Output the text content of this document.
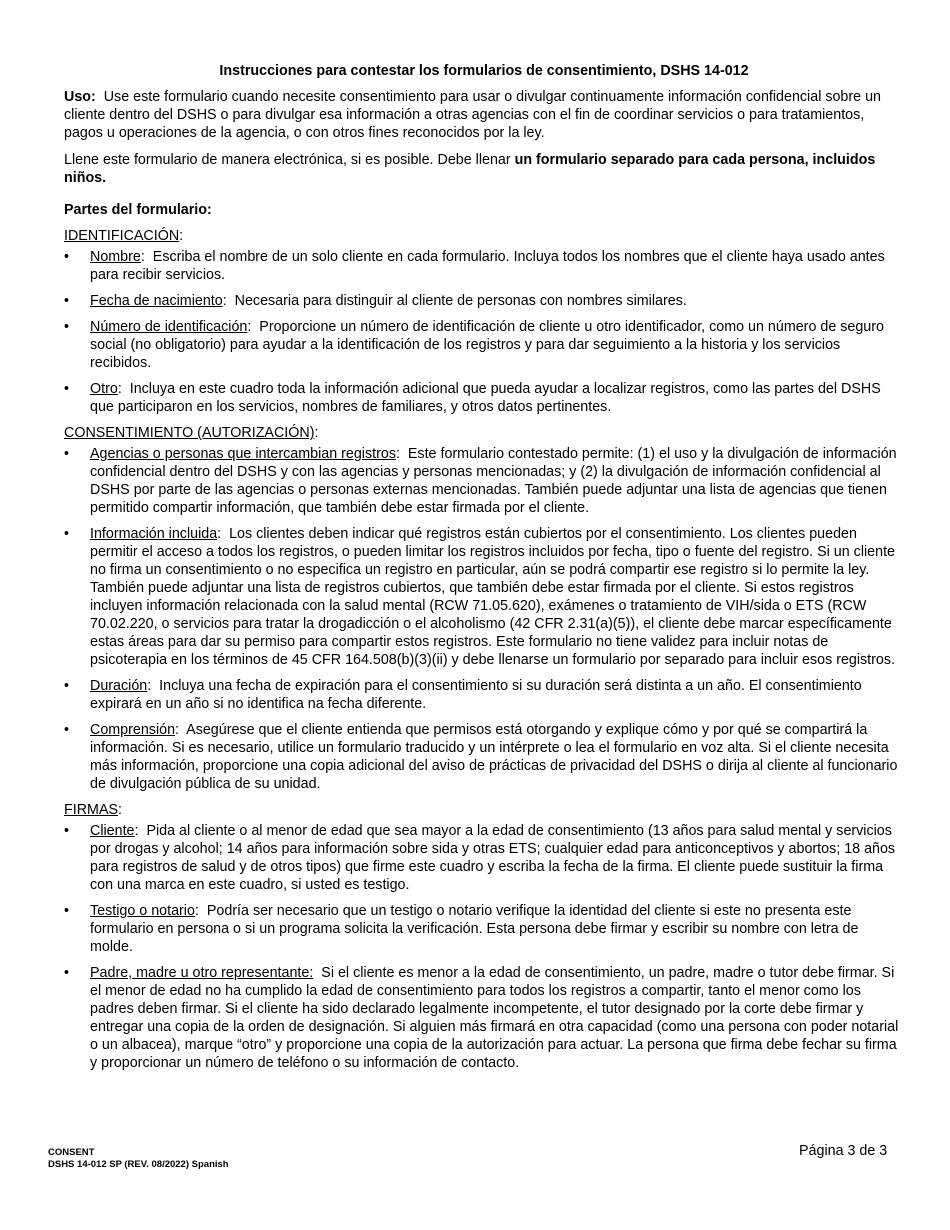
Instrucciones para contestar los formularios de consentimiento, DSHS 14-012

Uso: Use este formulario cuando necesite consentimiento para usar o divulgar continuamente información confidencial sobre un cliente dentro del DSHS o para divulgar esa información a otras agencias con el fin de coordinar servicios o para tratamientos, pagos u operaciones de la agencia, o con otros fines reconocidos por la ley.

Llene este formulario de manera electrónica, si es posible. Debe llenar un formulario separado para cada persona, incluidos niños.

Partes del formulario:

IDENTIFICACIÓN:
• Nombre:  Escriba el nombre de un solo cliente en cada formulario. Incluya todos los nombres que el cliente haya usado antes para recibir servicios.
• Fecha de nacimiento:  Necesaria para distinguir al cliente de personas con nombres similares.
• Número de identificación:  Proporcione un número de identificación de cliente u otro identificador, como un número de seguro social (no obligatorio) para ayudar a la identificación de los registros y para dar seguimiento a la historia y los servicios recibidos.
• Otro:  Incluya en este cuadro toda la información adicional que pueda ayudar a localizar registros, como las partes del DSHS que participaron en los servicios, nombres de familiares, y otros datos pertinentes.
CONSENTIMIENTO (AUTORIZACIÓN):
• Agencias o personas que intercambian registros:  Este formulario contestado permite: (1) el uso y la divulgación de información confidencial dentro del DSHS y con las agencias y personas mencionadas; y (2) la divulgación de información confidencial al DSHS por parte de las agencias o personas externas mencionadas. También puede adjuntar una lista de agencias que tienen permitido compartir información, que también debe estar firmada por el cliente.
• Información incluida:  Los clientes deben indicar qué registros están cubiertos por el consentimiento. Los clientes pueden permitir el acceso a todos los registros, o pueden limitar los registros incluidos por fecha, tipo o fuente del registro. Si un cliente no firma un consentimiento o no especifica un registro en particular, aún se podrá compartir ese registro si lo permite la ley. También puede adjuntar una lista de registros cubiertos, que también debe estar firmada por el cliente. Si estos registros incluyen información relacionada con la salud mental (RCW 71.05.620), exámenes o tratamiento de VIH/sida o ETS (RCW 70.02.220, o servicios para tratar la drogadicción o el alcoholismo (42 CFR 2.31(a)(5)), el cliente debe marcar específicamente estas áreas para dar su permiso para compartir estos registros. Este formulario no tiene validez para incluir notas de psicoterapia en los términos de 45 CFR 164.508(b)(3)(ii) y debe llenarse un formulario por separado para incluir esos registros.
• Duración:  Incluya una fecha de expiración para el consentimiento si su duración será distinta a un año. El consentimiento expirará en un año si no identifica na fecha diferente.
• Comprensión:  Asegúrese que el cliente entienda que permisos está otorgando y explique cómo y por qué se compartirá la información. Si es necesario, utilice un formulario traducido y un intérprete o lea el formulario en voz alta. Si el cliente necesita más información, proporcione una copia adicional del aviso de prácticas de privacidad del DSHS o dirija al cliente al funcionario de divulgación pública de su unidad.
FIRMAS:
• Cliente:  Pida al cliente o al menor de edad que sea mayor a la edad de consentimiento (13 años para salud mental y servicios por drogas y alcohol; 14 años para información sobre sida y otras ETS; cualquier edad para anticonceptivos y abortos; 18 años para registros de salud y de otros tipos) que firme este cuadro y escriba la fecha de la firma. El cliente puede sustituir la firma con una marca en este cuadro, si usted es testigo.
• Testigo o notario:  Podría ser necesario que un testigo o notario verifique la identidad del cliente si este no presenta este formulario en persona o si un programa solicita la verificación. Esta persona debe firmar y escribir su nombre con letra de molde.
• Padre, madre u otro representante: Si el cliente es menor a la edad de consentimiento, un padre, madre o tutor debe firmar. Si el menor de edad no ha cumplido la edad de consentimiento para todos los registros a compartir, tanto el menor como los padres deben firmar. Si el cliente ha sido declarado legalmente incompetente, el tutor designado por la corte debe firmar y entregar una copia de la orden de designación. Si alguien más firmará en otra capacidad (como una persona con poder notarial o un albacea), marque “otro” y proporcione una copia de la autorización para actuar. La persona que firma debe fechar su firma y proporcionar un número de teléfono o su información de contacto.
CONSENT
DSHS 14-012 SP (REV. 08/2022) Spanish
Página 3 de 3
